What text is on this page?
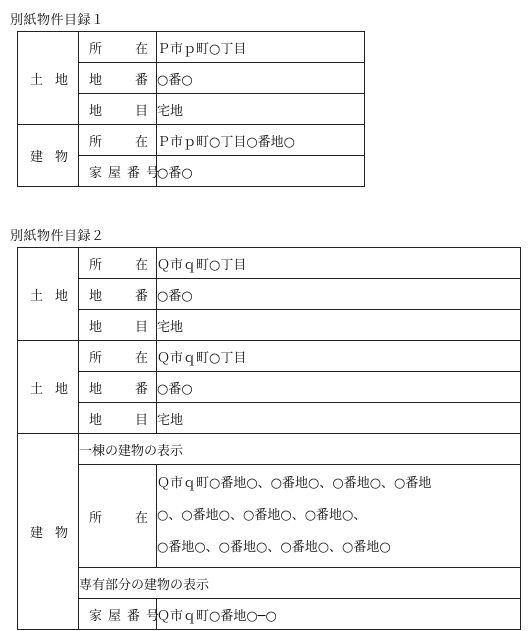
別紙物件目録１
土地	所 在	Ｐ市ｐ町○丁目

	地 番	○番○

	地 目	宅地
建物	所 在	Ｐ市ｐ町○丁目○番地○

	家屋番号	○番○
別紙物件目録２
土地	所 在	Ｑ市ｑ町○丁目

	地 番	○番○

	地 目	宅地
土地	所 在	Ｑ市ｑ町○丁目

	地 番	○番○

	地 目	宅地
建物	一棟の建物の表示	

	所 在	Ｑ市ｑ町○番地○、○番地○、○番地○、○番地
○、○番地○、○番地○、○番地○、
○番地○、○番地○、○番地○、○番地○

	専有部分の建物の表示	

	家屋番号	Ｑ市ｑ町○番地○─○
